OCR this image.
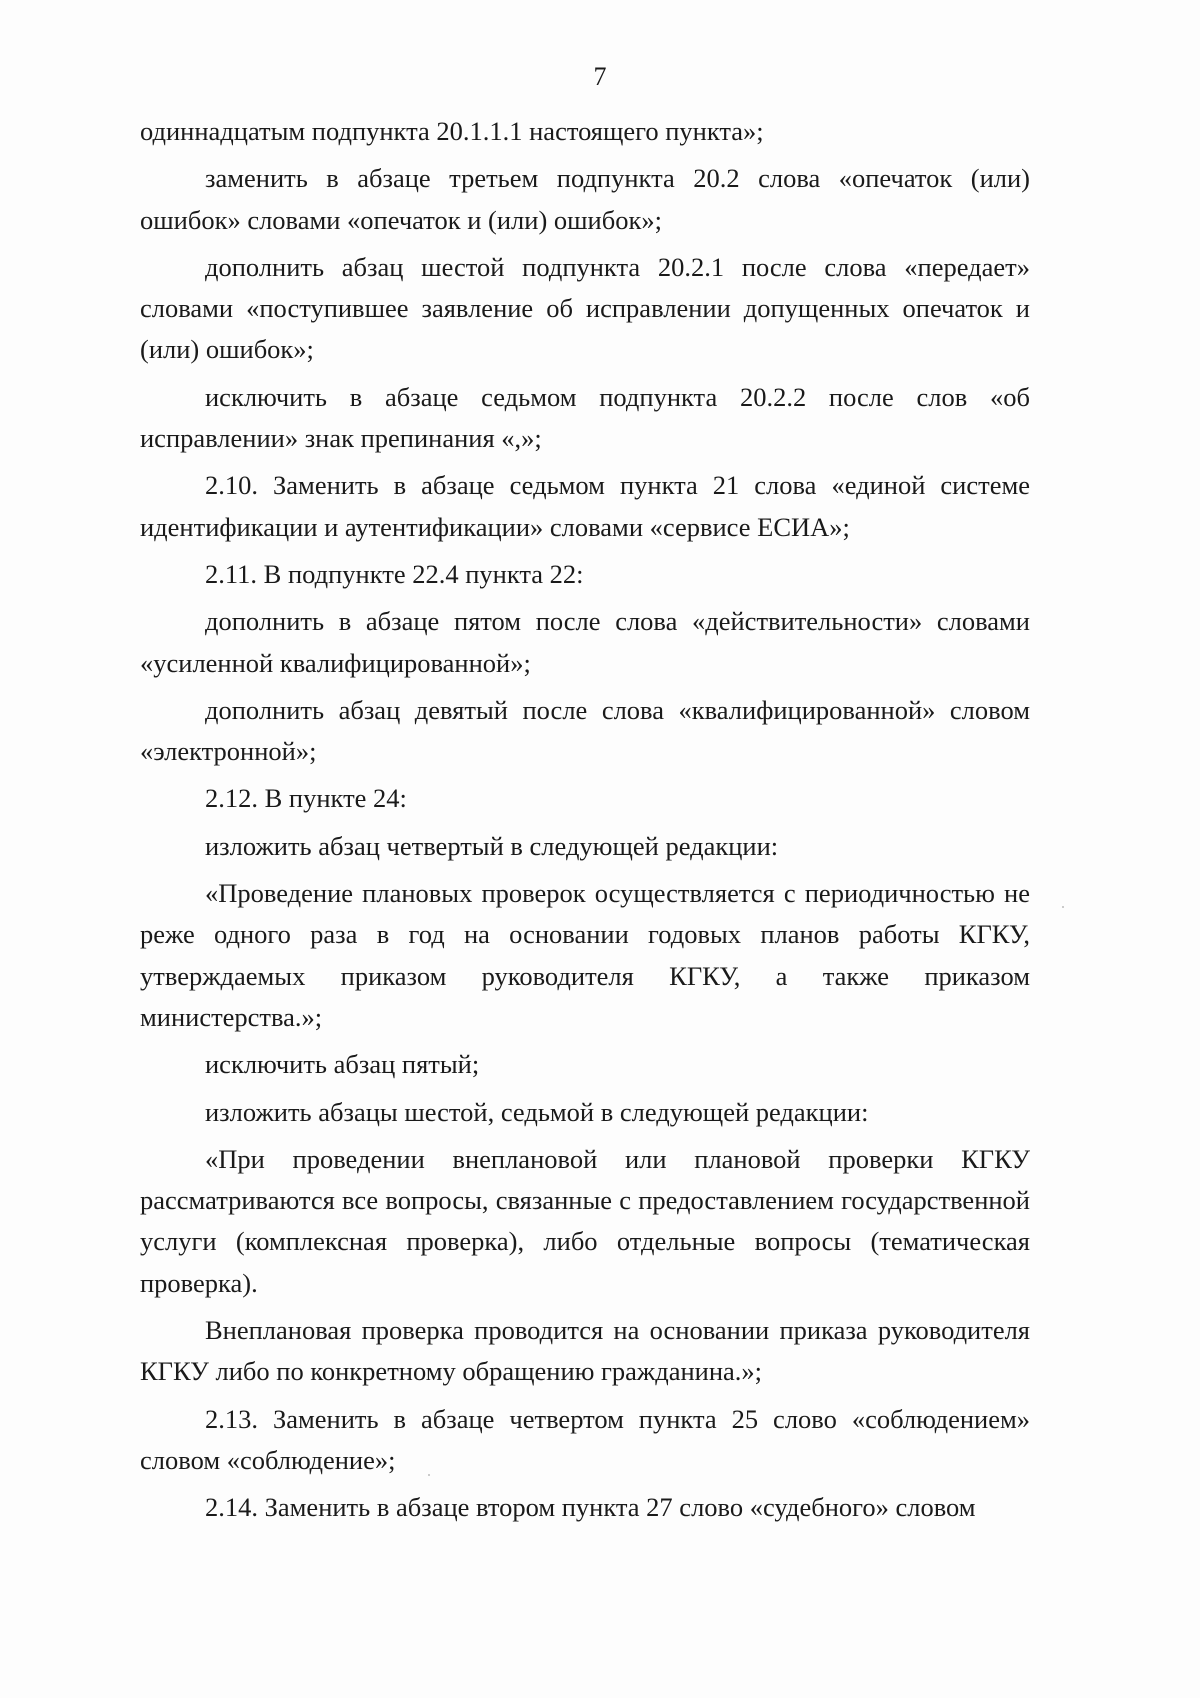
7

одиннадцатым подпункта 20.1.1.1 настоящего пункта»;

заменить в абзаце третьем подпункта 20.2 слова «опечаток (или) ошибок» словами «опечаток и (или) ошибок»;

дополнить абзац шестой подпункта 20.2.1 после слова «передает» словами «поступившее заявление об исправлении допущенных опечаток и (или) ошибок»;

исключить в абзаце седьмом подпункта 20.2.2 после слов «об исправлении» знак препинания «,»;

2.10. Заменить в абзаце седьмом пункта 21 слова «единой системе идентификации и аутентификации» словами «сервисе ЕСИА»;

2.11. В подпункте 22.4 пункта 22:

дополнить в абзаце пятом после слова «действительности» словами «усиленной квалифицированной»;

дополнить абзац девятый после слова «квалифицированной» словом «электронной»;

2.12. В пункте 24:

изложить абзац четвертый в следующей редакции:

«Проведение плановых проверок осуществляется с периодичностью не реже одного раза в год на основании годовых планов работы КГКУ, утверждаемых приказом руководителя КГКУ, а также приказом министерства.»;

исключить абзац пятый;

изложить абзацы шестой, седьмой в следующей редакции:

«При проведении внеплановой или плановой проверки КГКУ рассматриваются все вопросы, связанные с предоставлением государственной услуги (комплексная проверка), либо отдельные вопросы (тематическая проверка).

Внеплановая проверка проводится на основании приказа руководителя КГКУ либо по конкретному обращению гражданина.»;

2.13. Заменить в абзаце четвертом пункта 25 слово «соблюдением» словом «соблюдение»;

2.14. Заменить в абзаце втором пункта 27 слово «судебного» словом
